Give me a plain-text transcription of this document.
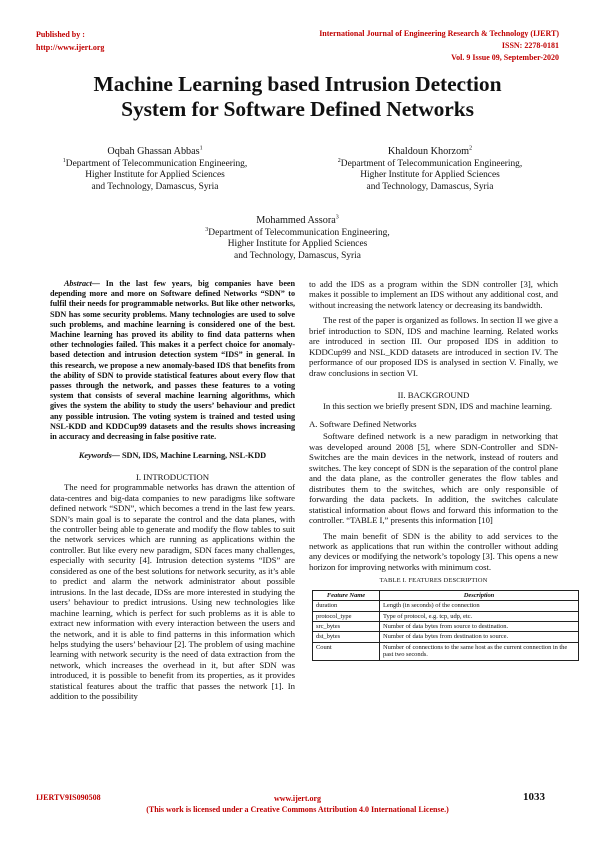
Published by :
http://www.ijert.org
International Journal of Engineering Research & Technology (IJERT)
ISSN: 2278-0181
Vol. 9 Issue 09, September-2020
Machine Learning based Intrusion Detection
System for Software Defined Networks
Oqbah Ghassan Abbas$^1$
$^1$Department of Telecommunication Engineering,
Higher Institute for Applied Sciences
and Technology, Damascus, Syria
Khaldoun Khorzom$^2$
$^2$Department of Telecommunication Engineering,
Higher Institute for Applied Sciences
and Technology, Damascus, Syria
Mohammed Assora$^3$
$^3$Department of Telecommunication Engineering,
Higher Institute for Applied Sciences
and Technology, Damascus, Syria

Abstract— In the last few years, big companies have been depending more and more on Software defined Networks “SDN” to fulfil their needs for programmable networks. But like other networks, SDN has some security problems. Many technologies are used to solve such problems, and machine learning is considered one of the best. Machine learning has proved its ability to find data patterns when other technologies failed. This makes it a perfect choice for anomaly-based detection and intrusion detection system “IDS” in general. In this research, we propose a new anomaly-based IDS that benefits from the ability of SDN to provide statistical features about every flow that passes through the network, and passes these features to a voting system that consists of several machine learning algorithms, which gives the system the ability to study the users’ behaviour and predict any possible intrusion. The voting system is trained and tested using NSL-KDD and KDDCup99 datasets and the results shows increasing in accuracy and decreasing in false positive rate.

Keywords— SDN, IDS, Machine Learning, NSL-KDD

I. INTRODUCTION

The need for programmable networks has drawn the attention of data-centres and big-data companies to new paradigms like software defined network “SDN”, which becomes a trend in the last few years. SDN’s main goal is to separate the control and the data planes, with the controller being able to generate and modify the flow tables to suit the network services which are running as applications within the controller. But like every new paradigm, SDN faces many challenges, especially with security [4]. Intrusion detection systems “IDS” are considered as one of the best solutions for network security, as it’s able to predict and alarm the network administrator about possible intrusions. In the last decade, IDSs are more interested in studying the users’ behaviour to predict intrusions. Using new technologies like machine learning, which is perfect for such problems as it is able to extract new information with every interaction between the users and the network, and it is able to find patterns in this information which helps studying the users’ behaviour [2]. The problem of using machine learning with network security is the need of data extraction from the network, which increases the overhead in it, but after SDN was introduced, it is possible to benefit from its properties, as it provides statistical features about the traffic that passes the network [1]. In addition to the possibility

to add the IDS as a program within the SDN controller [3], which makes it possible to implement an IDS without any additional cost, and without increasing the network latency or decreasing its bandwidth.

The rest of the paper is organized as follows. In section II we give a brief introduction to SDN, IDS and machine learning. Related works are introduced in section III. Our proposed IDS in addition to KDDCup99 and NSL_KDD datasets are introduced in section IV. The performance of our proposed IDS is analysed in section V. Finally, we draw conclusions in section VI.

II. BACKGROUND

In this section we briefly present SDN, IDS and machine learning.

A. Software Defined Networks

Software defined network is a new paradigm in networking that was developed around 2008 [5], where SDN-Controller and SDN-Switches are the main devices in the network, instead of routers and switches. The key concept of SDN is the separation of the control plane and the data plane, as the controller generates the flow tables and distributes them to the switches, which are only responsible of forwarding the data packets. In addition, the switches calculate statistical information about flows and forward this information to the controller. “TABLE I,” presents this information [10]

The main benefit of SDN is the ability to add services to the network as applications that run within the controller without adding any devices or modifying the network’s topology [3]. This opens a new horizon for improving networks with minimum cost.

TABLE I. FEATURES DESCRIPTION
Feature Name	Description
duration	Length (in seconds) of the connection
protocol_type	Type of protocol, e.g. tcp, udp, etc.
src_bytes	Number of data bytes from source to destination.
dst_bytes	Number of data bytes from destination to source.
Count	Number of connections to the same host as the current connection in the past two seconds.
IJERTV9IS090508	www.ijert.org
(This work is licensed under a Creative Commons Attribution 4.0 International License.)
1033
